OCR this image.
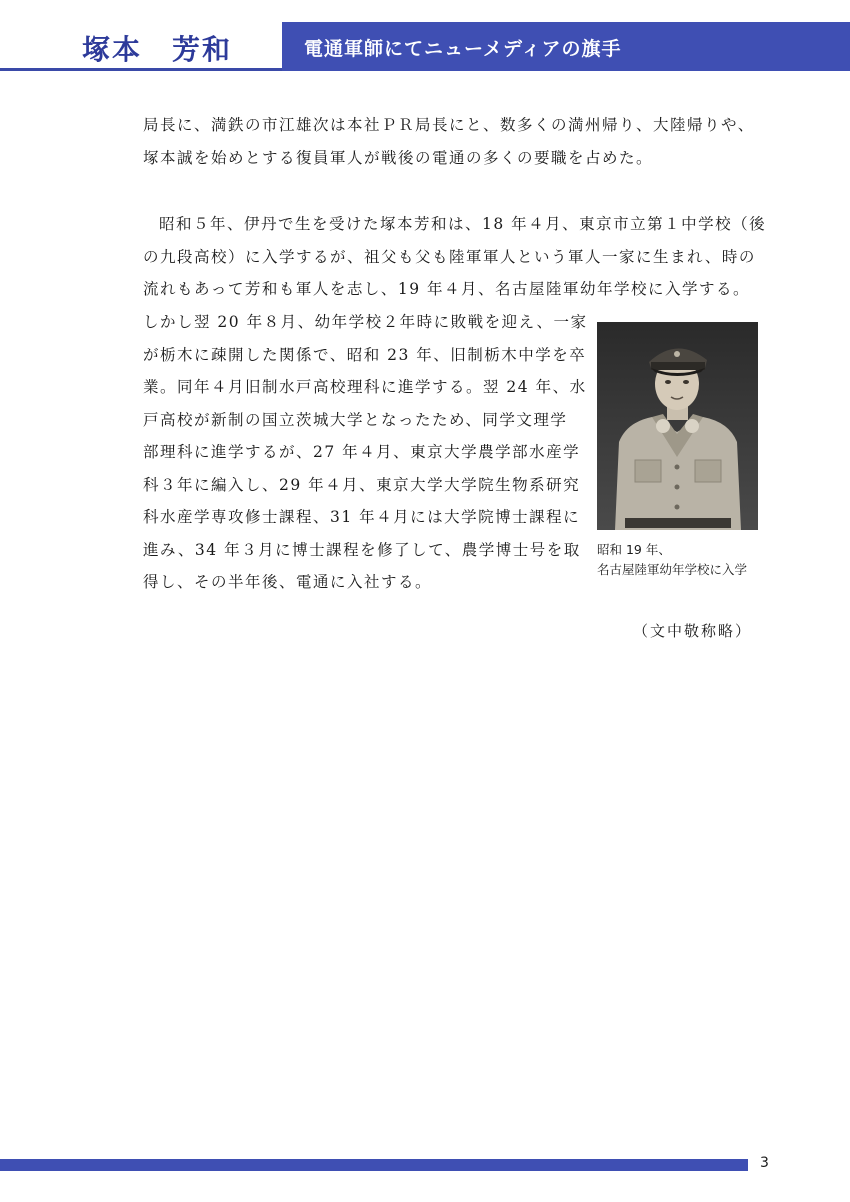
塚本　芳和	電通軍師にてニューメディアの旗手
局長に、満鉄の市江雄次は本社ＰＲ局長にと、数多くの満州帰り、大陸帰りや、
塚本誠を始めとする復員軍人が戦後の電通の多くの要職を占めた。
昭和５年、伊丹で生を受けた塚本芳和は、18 年４月、東京市立第１中学校（後
の九段高校）に入学するが、祖父も父も陸軍軍人という軍人一家に生まれ、時の
流れもあって芳和も軍人を志し、19 年４月、名古屋陸軍幼年学校に入学する。
しかし翌 20 年８月、幼年学校２年時に敗戦を迎え、一家
が栃木に疎開した関係で、昭和 23 年、旧制栃木中学を卒
業。同年４月旧制水戸高校理科に進学する。翌 24 年、水
戸高校が新制の国立茨城大学となったため、同学文理学
部理科に進学するが、27 年４月、東京大学農学部水産学
科３年に編入し、29 年４月、東京大学大学院生物系研究
科水産学専攻修士課程、31 年４月には大学院博士課程に
進み、34 年３月に博士課程を修了して、農学博士号を取
得し、その半年後、電通に入社する。
昭和 19 年、
名古屋陸軍幼年学校に入学
（文中敬称略）
3
